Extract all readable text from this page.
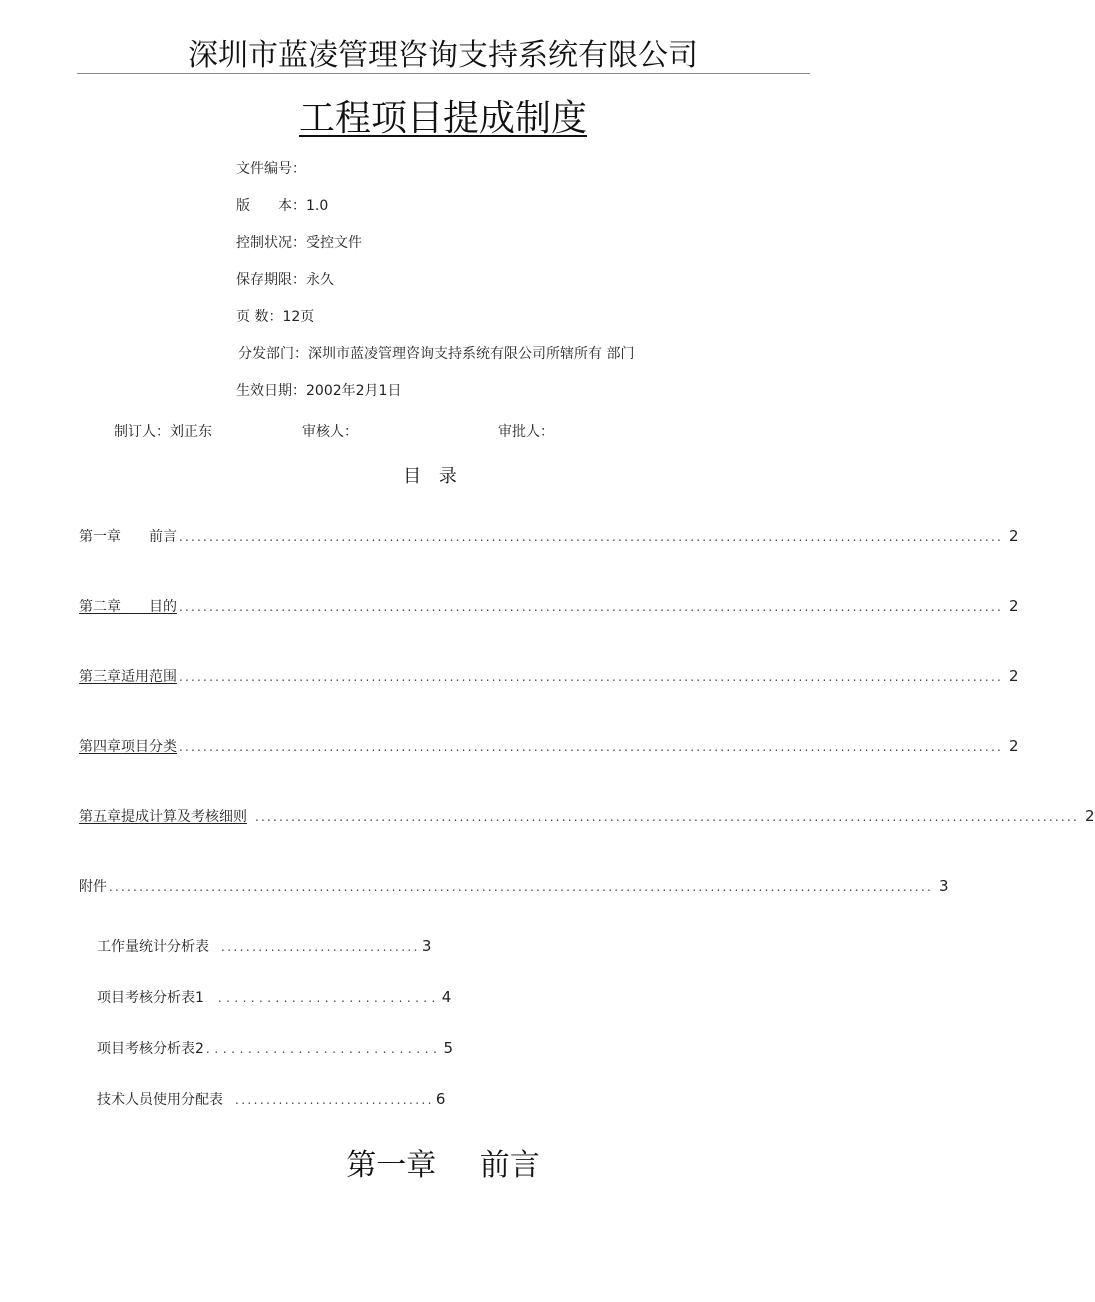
深圳市蓝凌管理咨询支持系统有限公司
工程项目提成制度
文件编号：
版　　本：1.0
控制状况：受控文件
保存期限：永久
页 数：12页
分发部门：深圳市蓝凌管理咨询支持系统有限公司所辖所有 部门
生效日期：2002年2月1日
制订人：刘正东	审核人：	审批人：
目 录
第一章　　前言 ......................................................................................................................................... 2
第二章　　目的 ......................................................................................................................................... 2
第三章适用范围 ......................................................................................................................................... 2
第四章项目分类 ......................................................................................................................................... 2
第五章提成计算及考核细则 ......................................................................................................................................... 2
附件 ......................................................................................................................................... 3
工作量统计分析表 ................................ 3
项目考核分析表1 ........................... 4
项目考核分析表2 ............................ 5
技术人员使用分配表 ................................ 6
第一章 前言
